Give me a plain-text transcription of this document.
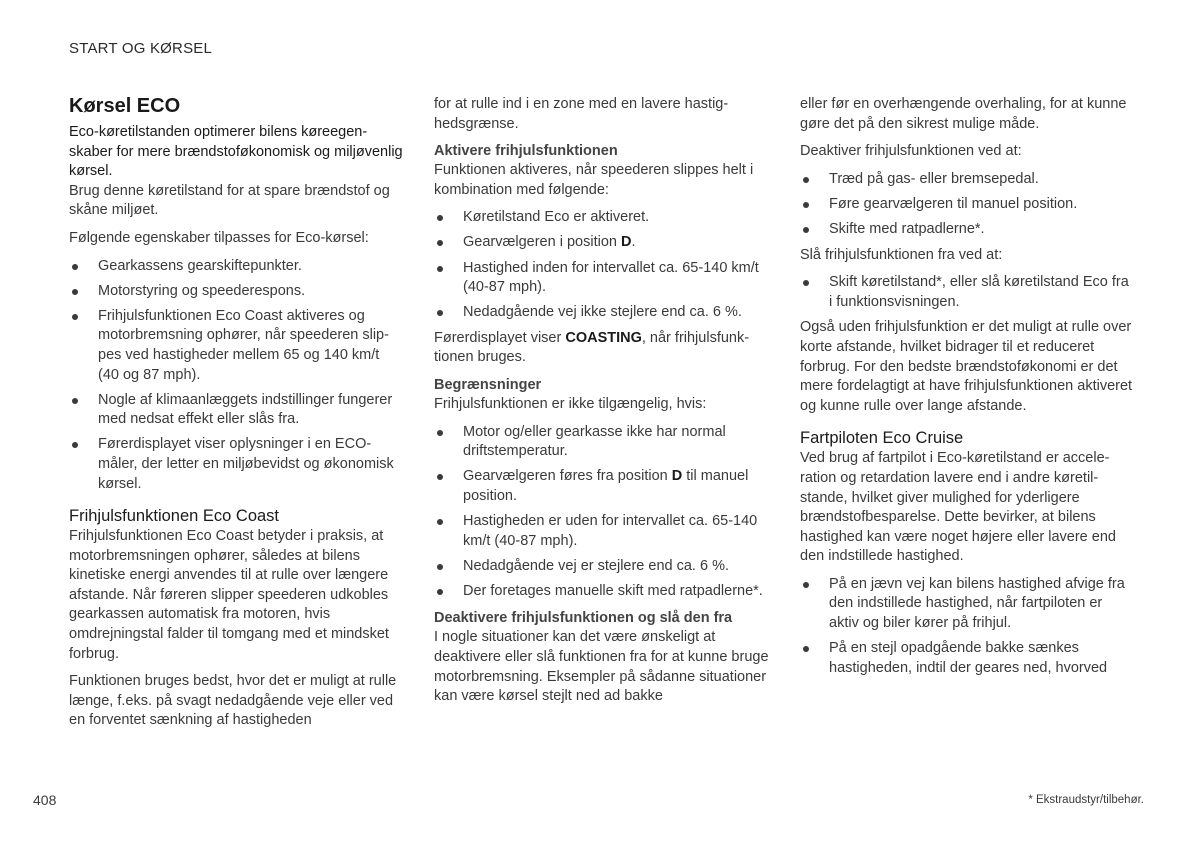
START OG KØRSEL
Kørsel ECO

Eco-køretilstanden optimerer bilens køreegenskaber for mere brændstoføkonomisk og miljøvenlig kørsel.

Brug denne køretilstand for at spare brændstof og skåne miljøet.

Følgende egenskaber tilpasses for Eco-kørsel:

Gearkassens gearskiftepunkter.
Motorstyring og speederespons.
Frihjulsfunktionen Eco Coast aktiveres og motorbremsning ophører, når speederen slippes ved hastigheder mellem 65 og 140 km/t (40 og 87 mph).
Nogle af klimaanlæggets indstillinger fungerer med nedsat effekt eller slås fra.
Førerdisplayet viser oplysninger i en ECO-måler, der letter en miljøbevidst og økonomisk kørsel.
Frihjulsfunktionen Eco Coast

Frihjulsfunktionen Eco Coast betyder i praksis, at motorbremsningen ophører, således at bilens kinetiske energi anvendes til at rulle over længere afstande. Når føreren slipper speederen udkobles gearkassen automatisk fra motoren, hvis omdrejningstal falder til tomgang med et mindsket forbrug.

Funktionen bruges bedst, hvor det er muligt at rulle længe, f.eks. på svagt nedadgående veje eller ved en forventet sænkning af hastigheden

for at rulle ind i en zone med en lavere hastighedsgrænse.

Aktivere frihjulsfunktionen

Funktionen aktiveres, når speederen slippes helt i kombination med følgende:

Køretilstand Eco er aktiveret.
Gearvælgeren i position D.
Hastighed inden for intervallet ca. 65-140 km/t (40-87 mph).
Nedadgående vej ikke stejlere end ca. 6 %.

Førerdisplayet viser COASTING, når frihjulsfunktionen bruges.

Begrænsninger

Frihjulsfunktionen er ikke tilgængelig, hvis:

Motor og/eller gearkasse ikke har normal driftstemperatur.
Gearvælgeren føres fra position D til manuel position.
Hastigheden er uden for intervallet ca. 65-140 km/t (40-87 mph).
Nedadgående vej er stejlere end ca. 6 %.
Der foretages manuelle skift med ratpadlerne*.
Deaktivere frihjulsfunktionen og slå den fra

I nogle situationer kan det være ønskeligt at deaktivere eller slå funktionen fra for at kunne bruge motorbremsning. Eksempler på sådanne situationer kan være kørsel stejlt ned ad bakke

eller før en overhængende overhaling, for at kunne gøre det på den sikrest mulige måde.

Deaktiver frihjulsfunktionen ved at:

Træd på gas- eller bremsepedal.
Føre gearvælgeren til manuel position.
Skifte med ratpadlerne*.

Slå frihjulsfunktionen fra ved at:

Skift køretilstand*, eller slå køretilstand Eco fra i funktionsvisningen.

Også uden frihjulsfunktion er det muligt at rulle over korte afstande, hvilket bidrager til et reduceret forbrug. For den bedste brændstoføkonomi er det mere fordelagtigt at have frihjulsfunktionen aktiveret og kunne rulle over lange afstande.

Fartpiloten Eco Cruise

Ved brug af fartpilot i Eco-køretilstand er acceleration og retardation lavere end i andre køretilstande, hvilket giver mulighed for yderligere brændstofbesparelse. Dette bevirker, at bilens hastighed kan være noget højere eller lavere end den indstillede hastighed.

På en jævn vej kan bilens hastighed afvige fra den indstillede hastighed, når fartpiloten er aktiv og biler kører på frihjul.
På en stejl opadgående bakke sænkes hastigheden, indtil der geares ned, hvorved
408	* Ekstraudstyr/tilbehør.
